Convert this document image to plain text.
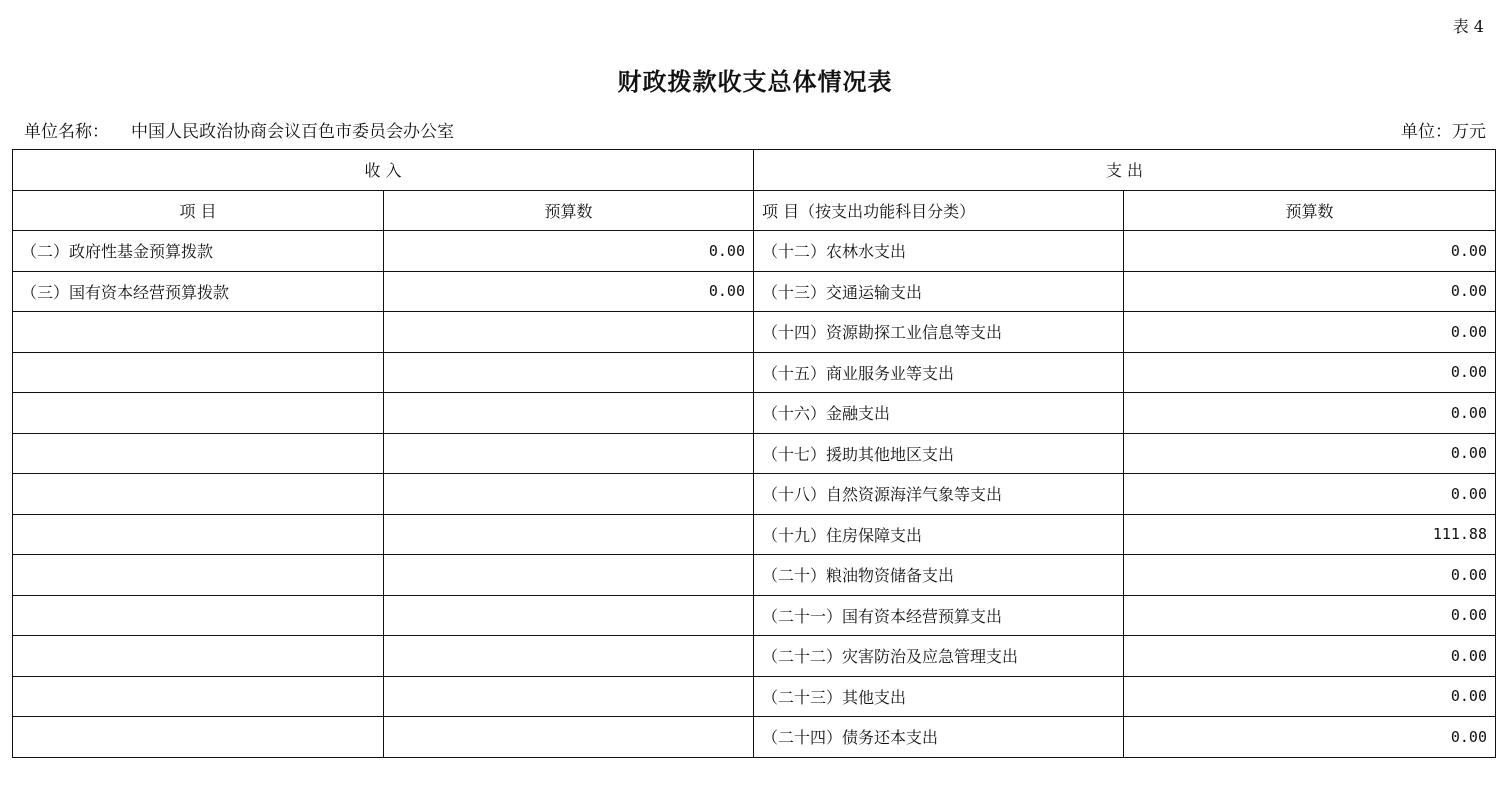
表 4
财政拨款收支总体情况表
单位名称： 中国人民政治协商会议百色市委员会办公室	单位：万元
收 入		支 出	
项 目	预算数	项 目（按支出功能科目分类）	预算数
（二）政府性基金预算拨款	0.00	（十二）农林水支出	0.00
（三）国有资本经营预算拨款	0.00	（十三）交通运输支出	0.00
		（十四）资源勘探工业信息等支出	0.00
		（十五）商业服务业等支出	0.00
		（十六）金融支出	0.00
		（十七）援助其他地区支出	0.00
		（十八）自然资源海洋气象等支出	0.00
		（十九）住房保障支出	111.88
		（二十）粮油物资储备支出	0.00
		（二十一）国有资本经营预算支出	0.00
		（二十二）灾害防治及应急管理支出	0.00
		（二十三）其他支出	0.00
		（二十四）债务还本支出	0.00
